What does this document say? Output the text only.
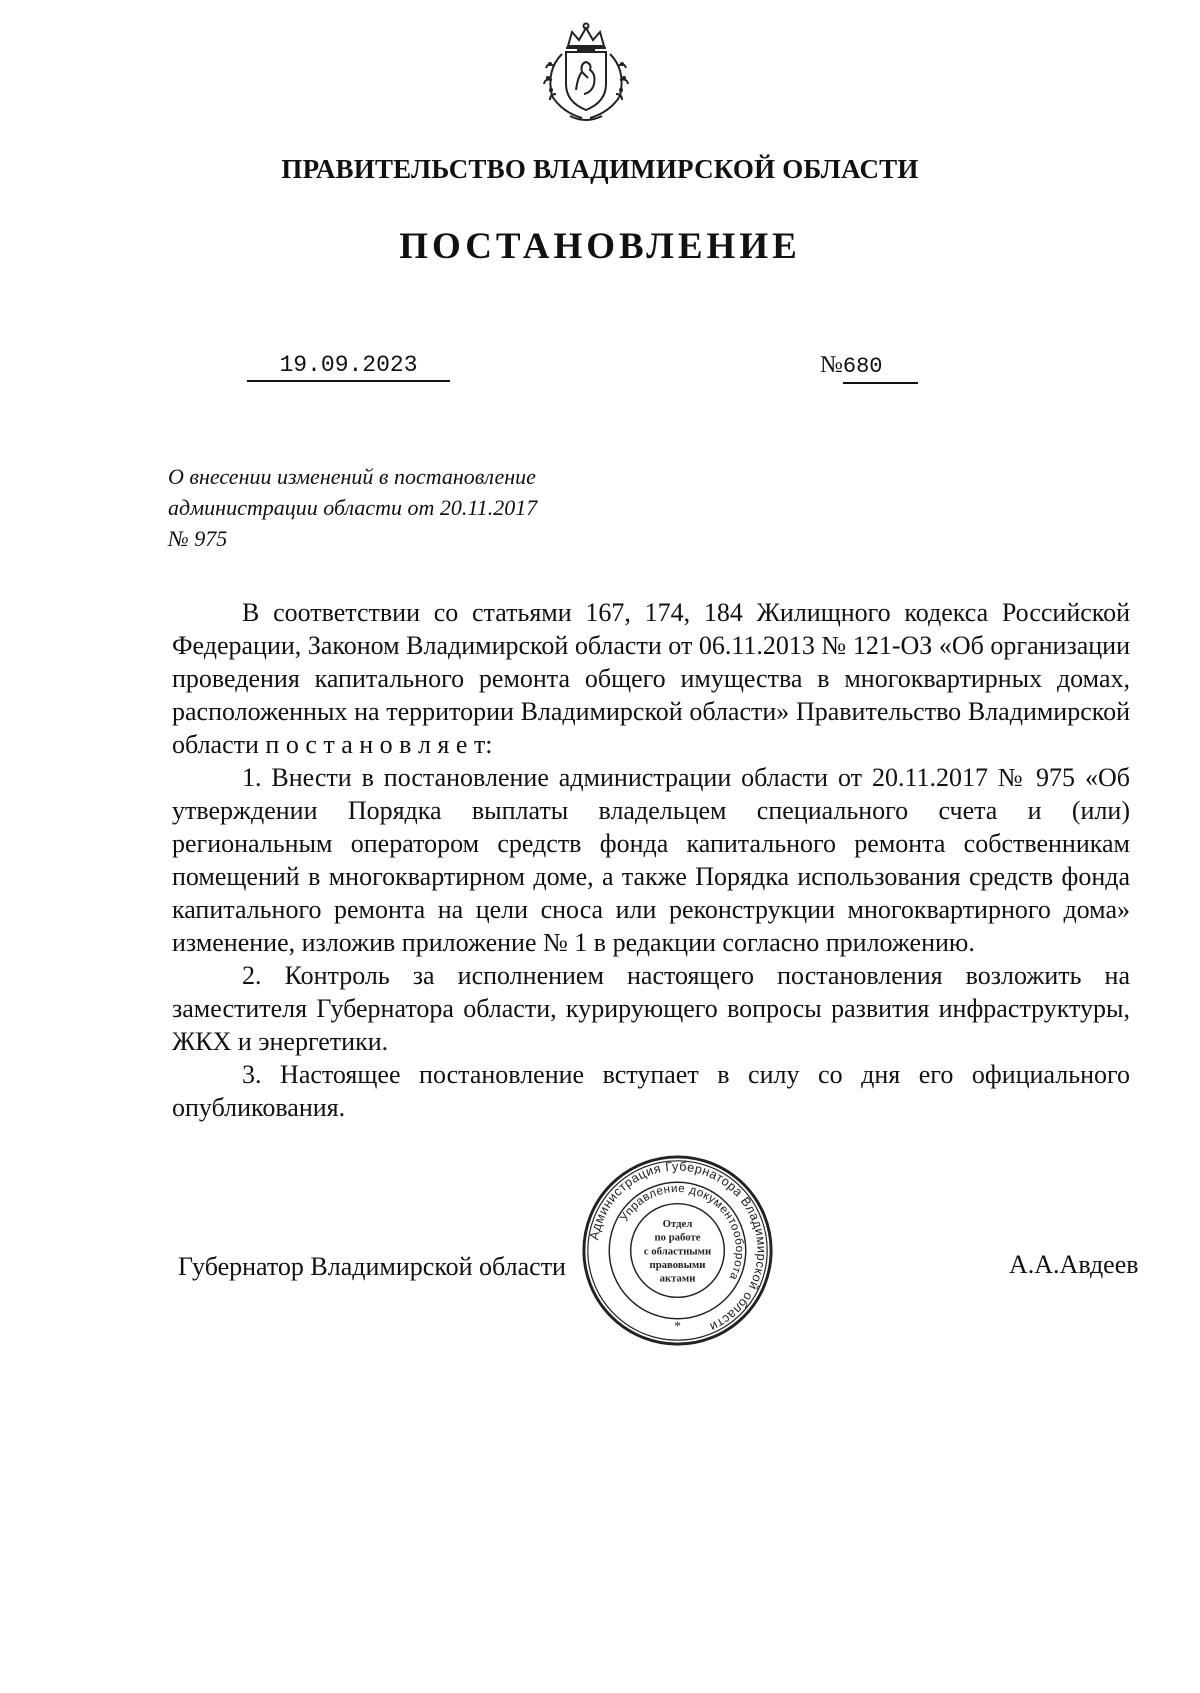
ПРАВИТЕЛЬСТВО ВЛАДИМИРСКОЙ ОБЛАСТИ
ПОСТАНОВЛЕНИЕ
19.09.2023	№680
О внесении изменений в постановление
администрации области от 20.11.2017
№ 975

В соответствии со статьями 167, 174, 184 Жилищного кодекса Российской Федерации, Законом Владимирской области от 06.11.2013 № 121-ОЗ «Об организации проведения капитального ремонта общего имущества в многоквартирных домах, расположенных на территории Владимирской области» Правительство Владимирской области п о с т а н о в л я е т:

1. Внести в постановление администрации области от 20.11.2017 № 975 «Об утверждении Порядка выплаты владельцем специального счета и (или) региональным оператором средств фонда капитального ремонта собственникам помещений в многоквартирном доме, а также Порядка использования средств фонда капитального ремонта на цели сноса или реконструкции многоквартирного дома» изменение, изложив приложение № 1 в редакции согласно приложению.

2. Контроль за исполнением настоящего постановления возложить на заместителя Губернатора области, курирующего вопросы развития инфраструктуры, ЖКХ и энергетики.

3. Настоящее постановление вступает в силу со дня его официального опубликования.

Губернатор Владимирской области	А.А.Авдеев
Администрация Губернатора Владимирской области
Управление документооборота
Отдел
по работе
с областными
правовыми
актами
*
